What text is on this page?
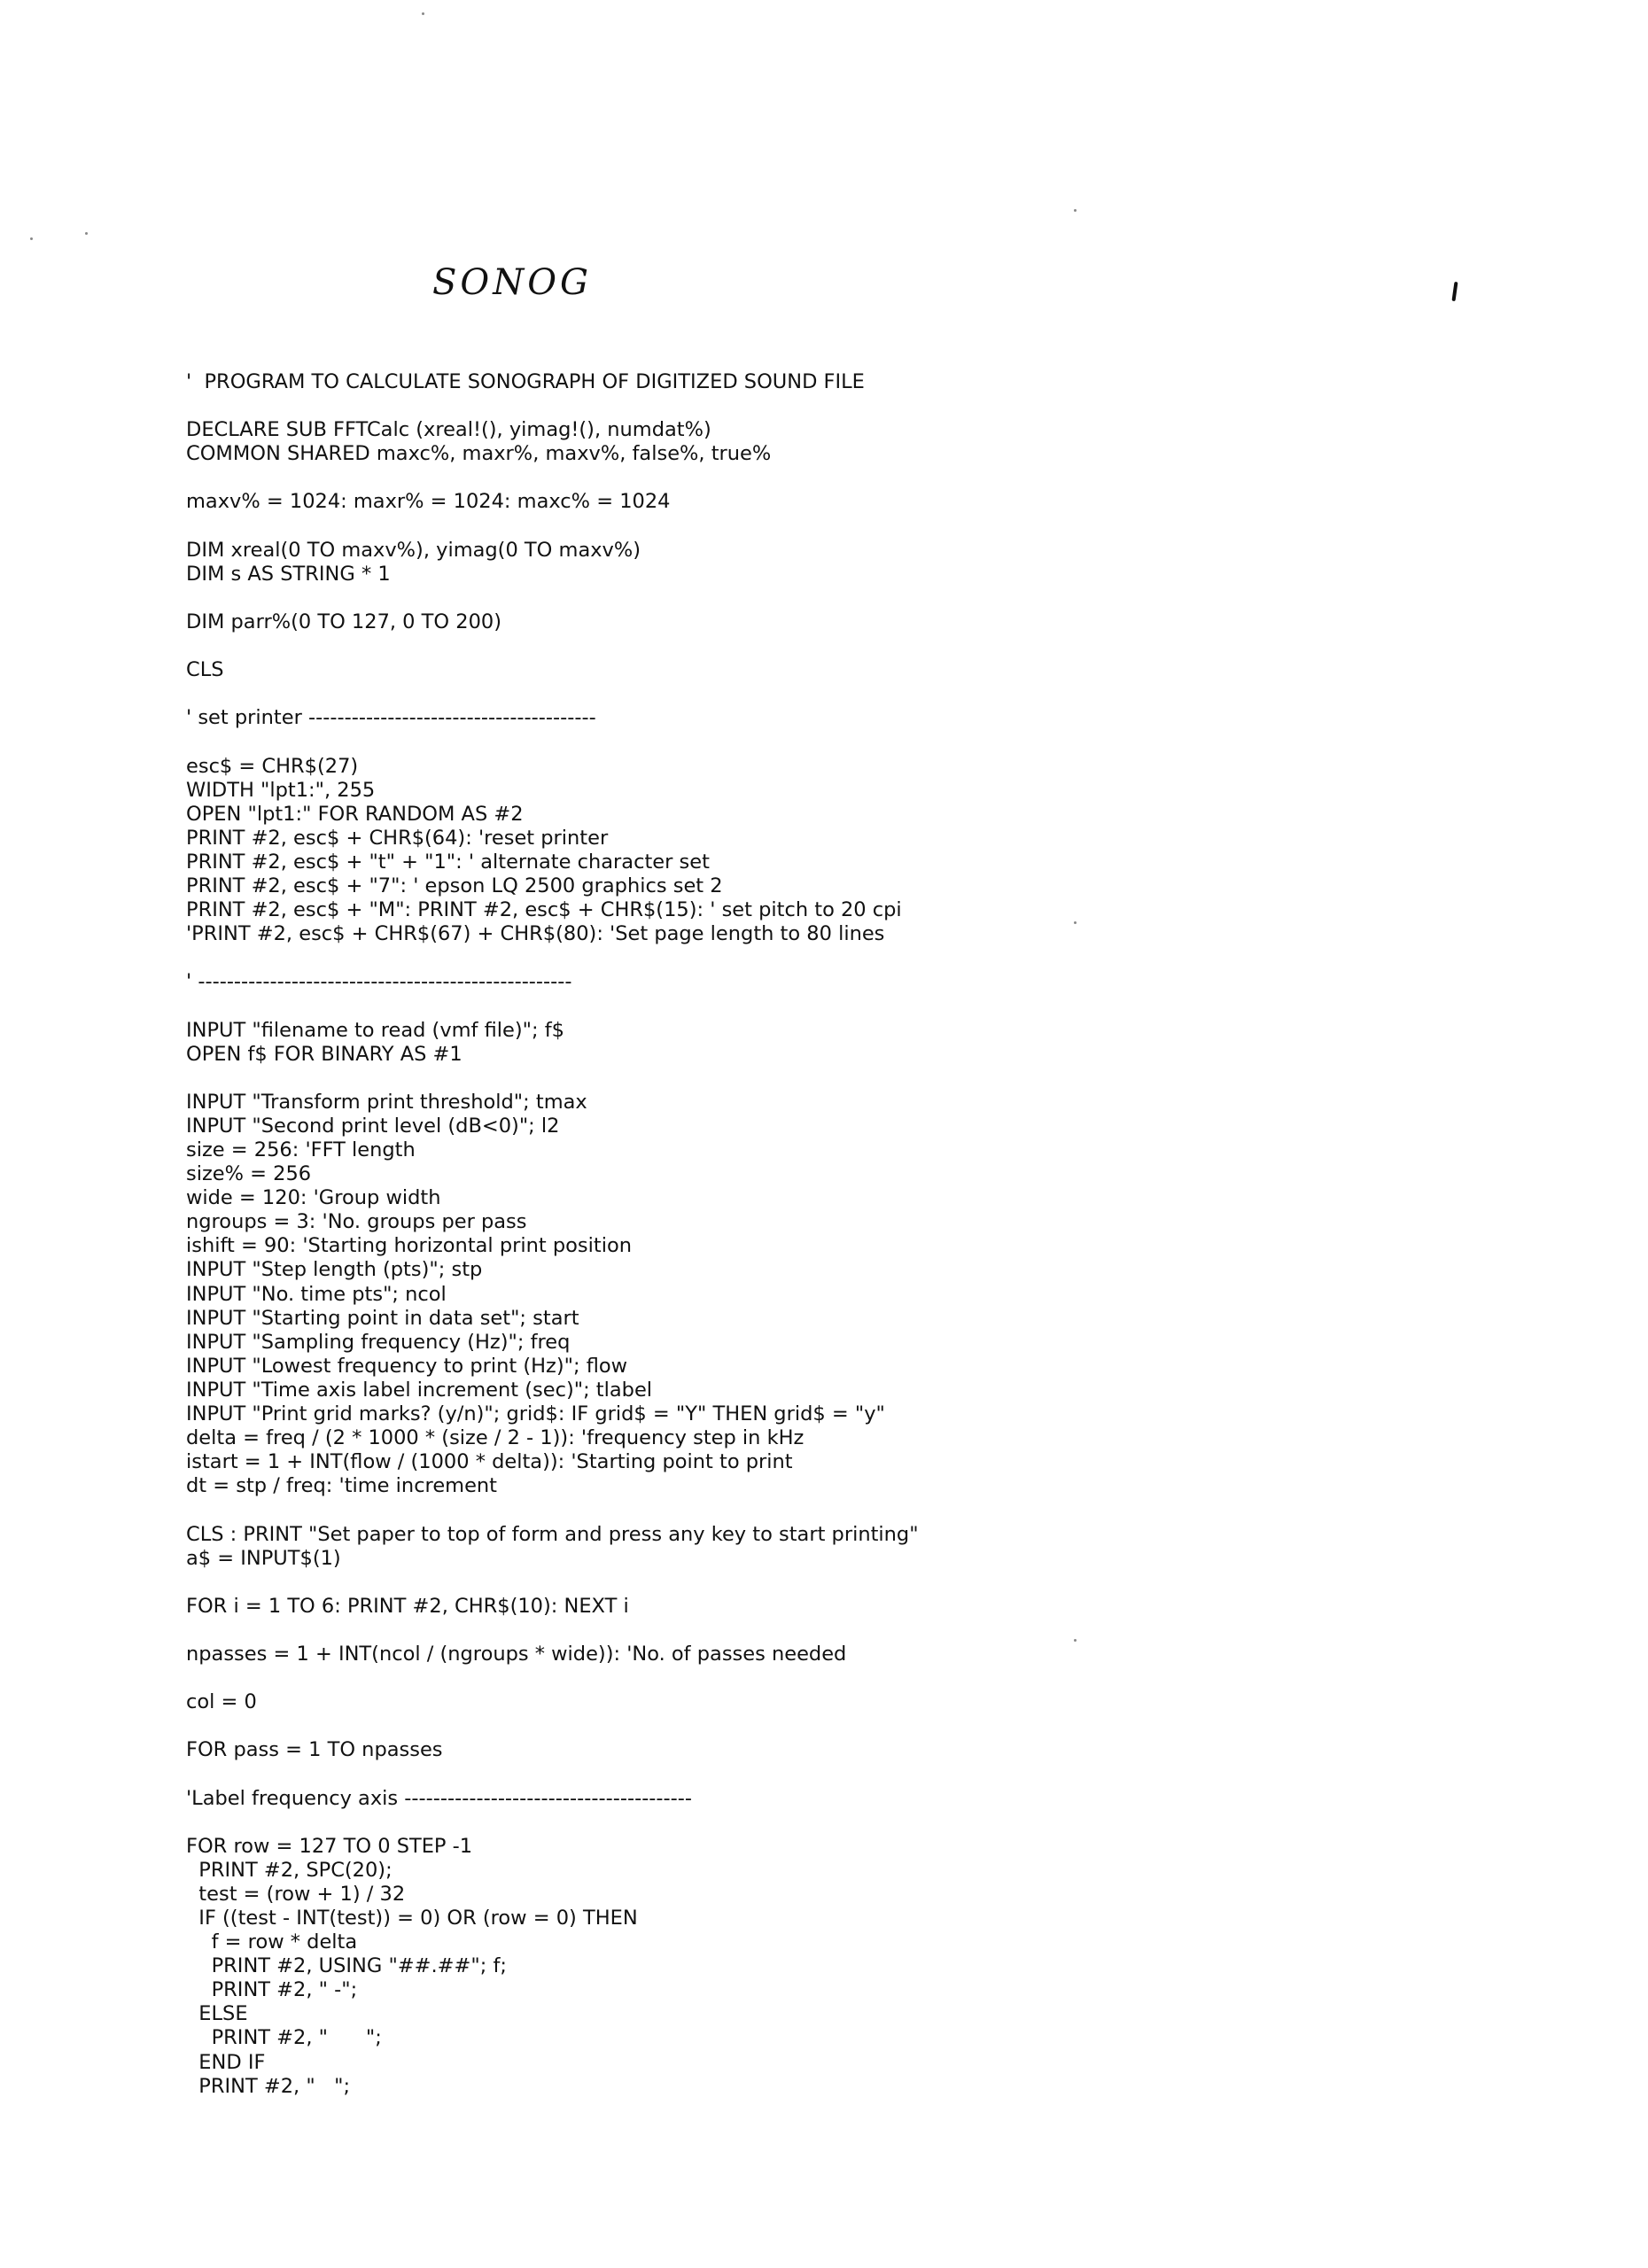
SONOG
'  PROGRAM TO CALCULATE SONOGRAPH OF DIGITIZED SOUND FILE
DECLARE SUB FFTCalc (xreal!(), yimag!(), numdat%)
COMMON SHARED maxc%, maxr%, maxv%, false%, true%
maxv% = 1024: maxr% = 1024: maxc% = 1024
DIM xreal(0 TO maxv%), yimag(0 TO maxv%)
DIM s AS STRING * 1
DIM parr%(0 TO 127, 0 TO 200)
CLS
' set printer ----------------------------------------
esc$ = CHR$(27)
WIDTH "lpt1:", 255
OPEN "lpt1:" FOR RANDOM AS #2
PRINT #2, esc$ + CHR$(64): 'reset printer
PRINT #2, esc$ + "t" + "1": ' alternate character set
PRINT #2, esc$ + "7": ' epson LQ 2500 graphics set 2
PRINT #2, esc$ + "M": PRINT #2, esc$ + CHR$(15): ' set pitch to 20 cpi
'PRINT #2, esc$ + CHR$(67) + CHR$(80): 'Set page length to 80 lines
' ----------------------------------------------------
INPUT "filename to read (vmf file)"; f$
OPEN f$ FOR BINARY AS #1
INPUT "Transform print threshold"; tmax
INPUT "Second print level (dB<0)"; l2
size = 256: 'FFT length
size% = 256
wide = 120: 'Group width
ngroups = 3: 'No. groups per pass
ishift = 90: 'Starting horizontal print position
INPUT "Step length (pts)"; stp
INPUT "No. time pts"; ncol
INPUT "Starting point in data set"; start
INPUT "Sampling frequency (Hz)"; freq
INPUT "Lowest frequency to print (Hz)"; flow
INPUT "Time axis label increment (sec)"; tlabel
INPUT "Print grid marks? (y/n)"; grid$: IF grid$ = "Y" THEN grid$ = "y"
delta = freq / (2 * 1000 * (size / 2 - 1)): 'frequency step in kHz
istart = 1 + INT(flow / (1000 * delta)): 'Starting point to print
dt = stp / freq: 'time increment
CLS : PRINT "Set paper to top of form and press any key to start printing"
a$ = INPUT$(1)
FOR i = 1 TO 6: PRINT #2, CHR$(10): NEXT i
npasses = 1 + INT(ncol / (ngroups * wide)): 'No. of passes needed
col = 0
FOR pass = 1 TO npasses
'Label frequency axis ----------------------------------------
FOR row = 127 TO 0 STEP -1
PRINT #2, SPC(20);
test = (row + 1) / 32
IF ((test - INT(test)) = 0) OR (row = 0) THEN
f = row * delta
PRINT #2, USING "##.##"; f;
PRINT #2, " -";
ELSE
PRINT #2, "      ";
END IF
PRINT #2, "   ";
